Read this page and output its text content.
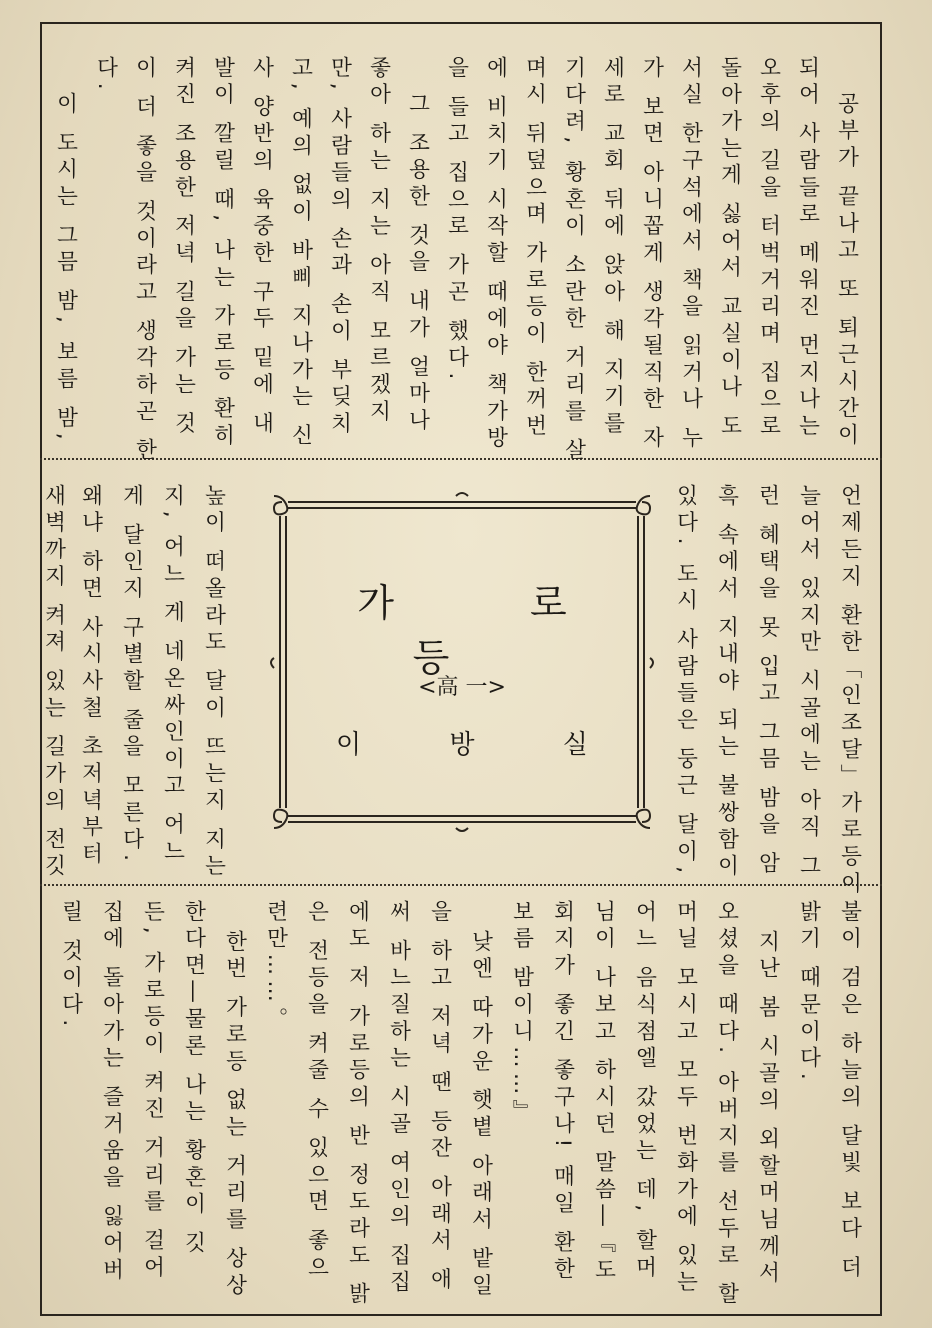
공부가 끝나고 또 퇴근시간이
되어 사람들로 메워진 먼지나는
오후의 길을 터벅거리며 집으로
돌아가는게 싫어서 교실이나 도
서실 한구석에서 책을 읽거나 누
가 보면 아니꼽게 생각될직한 자
세로 교회 뒤에 앉아 해 지기를
기다려, 황혼이 소란한 거리를 살
며시 뒤덮으며 가로등이 한꺼번
에 비치기 시작할 때에야 책가방
을 들고 집으로 가곤 했다.
그 조용한 것을 내가 얼마나
좋아 하는 지는 아직 모르겠지
만, 사람들의 손과 손이 부딪치
고, 예의 없이 바삐 지나가는 신
사 양반의 육중한 구두 밑에 내
발이 깔릴 때, 나는 가로등 환히
켜진 조용한 저녁 길을 가는 것
이 더 좋을 것이라고 생각하곤 한
다.
언제든지 환한「인조달」가로등이
늘어서 있지만 시골에는 아직 그
런 혜택을 못 입고 그믐 밤을 암
흑 속에서 지내야 되는 불쌍함이
있다. 도시 사람들은 둥근 달이,
가 로 등
<高 一>
이 방 실
높이 떠올라도 달이 뜨는지 지는
지, 어느 게 네온싸인이고 어느
게 달인지 구별할 줄을 모른다.
왜냐 하면 사시사철 초저녁부터
새벽까지 켜져 있는 길가의 전깃
불이 검은 하늘의 달빛 보다 더
밝기 때문이다.
지난 봄 시골의 외할머님께서
오셨을 때다. 아버지를 선두로 할
머닐 모시고 모두 번화가에 있는
어느 음식점엘 갔었는 데, 할머
님이 나보고 하시던 말씀―『도
회지가 좋긴 좋구나! 매일 환한
보름 밤이니……』
낮엔 따가운 햇볕 아래서 밭일
을 하고 저녁 땐 등잔 아래서 애
써 바느질하는 시골 여인의 집집
에도 저 가로등의 반 정도라도 밝
은 전등을 켜줄 수 있으면 좋으
련만……。
한번 가로등 없는 거리를 상상
한다면―물론 나는 황혼이 깃
든, 가로등이 켜진 거리를 걸어
집에 돌아가는 즐거움을 잃어버
릴 것이다.
이 도시는 그믐 밤, 보름 밤,
